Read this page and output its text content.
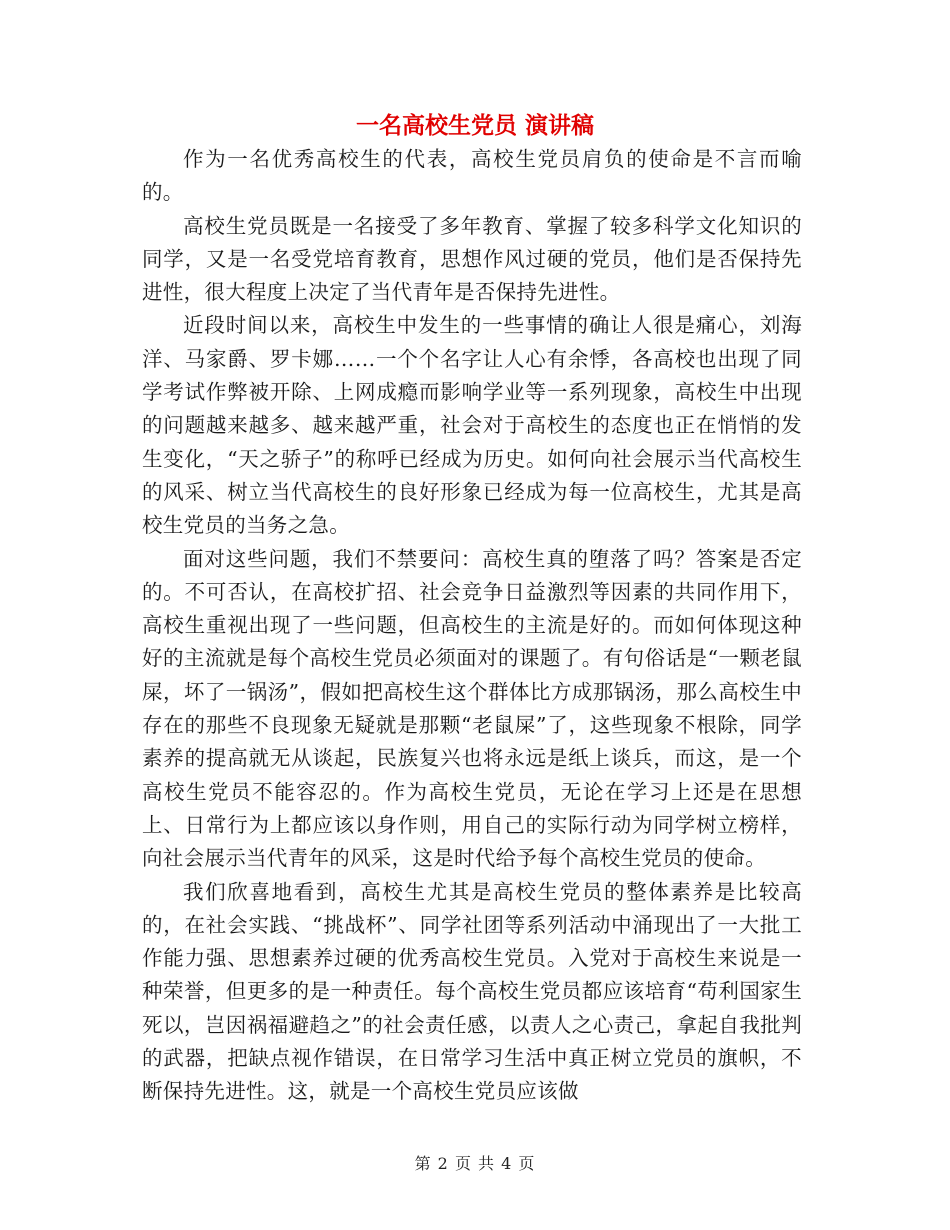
一名高校生党员 演讲稿

作为一名优秀高校生的代表，高校生党员肩负的使命是不言而喻的。

高校生党员既是一名接受了多年教育、掌握了较多科学文化知识的同学，又是一名受党培育教育，思想作风过硬的党员，他们是否保持先进性，很大程度上决定了当代青年是否保持先进性。

近段时间以来，高校生中发生的一些事情的确让人很是痛心，刘海洋、马家爵、罗卡娜……一个个名字让人心有余悸，各高校也出现了同学考试作弊被开除、上网成瘾而影响学业等一系列现象，高校生中出现的问题越来越多、越来越严重，社会对于高校生的态度也正在悄悄的发生变化，“天之骄子”的称呼已经成为历史。如何向社会展示当代高校生的风采、树立当代高校生的良好形象已经成为每一位高校生，尤其是高校生党员的当务之急。

面对这些问题，我们不禁要问：高校生真的堕落了吗？答案是否定的。不可否认，在高校扩招、社会竞争日益激烈等因素的共同作用下，高校生重视出现了一些问题，但高校生的主流是好的。而如何体现这种好的主流就是每个高校生党员必须面对的课题了。有句俗话是“一颗老鼠屎，坏了一锅汤”，假如把高校生这个群体比方成那锅汤，那么高校生中存在的那些不良现象无疑就是那颗“老鼠屎”了，这些现象不根除，同学素养的提高就无从谈起，民族复兴也将永远是纸上谈兵，而这，是一个高校生党员不能容忍的。作为高校生党员，无论在学习上还是在思想上、日常行为上都应该以身作则，用自己的实际行动为同学树立榜样，向社会展示当代青年的风采，这是时代给予每个高校生党员的使命。

我们欣喜地看到，高校生尤其是高校生党员的整体素养是比较高的，在社会实践、“挑战杯”、同学社团等系列活动中涌现出了一大批工作能力强、思想素养过硬的优秀高校生党员。入党对于高校生来说是一种荣誉，但更多的是一种责任。每个高校生党员都应该培育“苟利国家生死以，岂因祸福避趋之”的社会责任感，以责人之心责己，拿起自我批判的武器，把缺点视作错误，在日常学习生活中真正树立党员的旗帜，不断保持先进性。这，就是一个高校生党员应该做

第 2 页 共 4 页
